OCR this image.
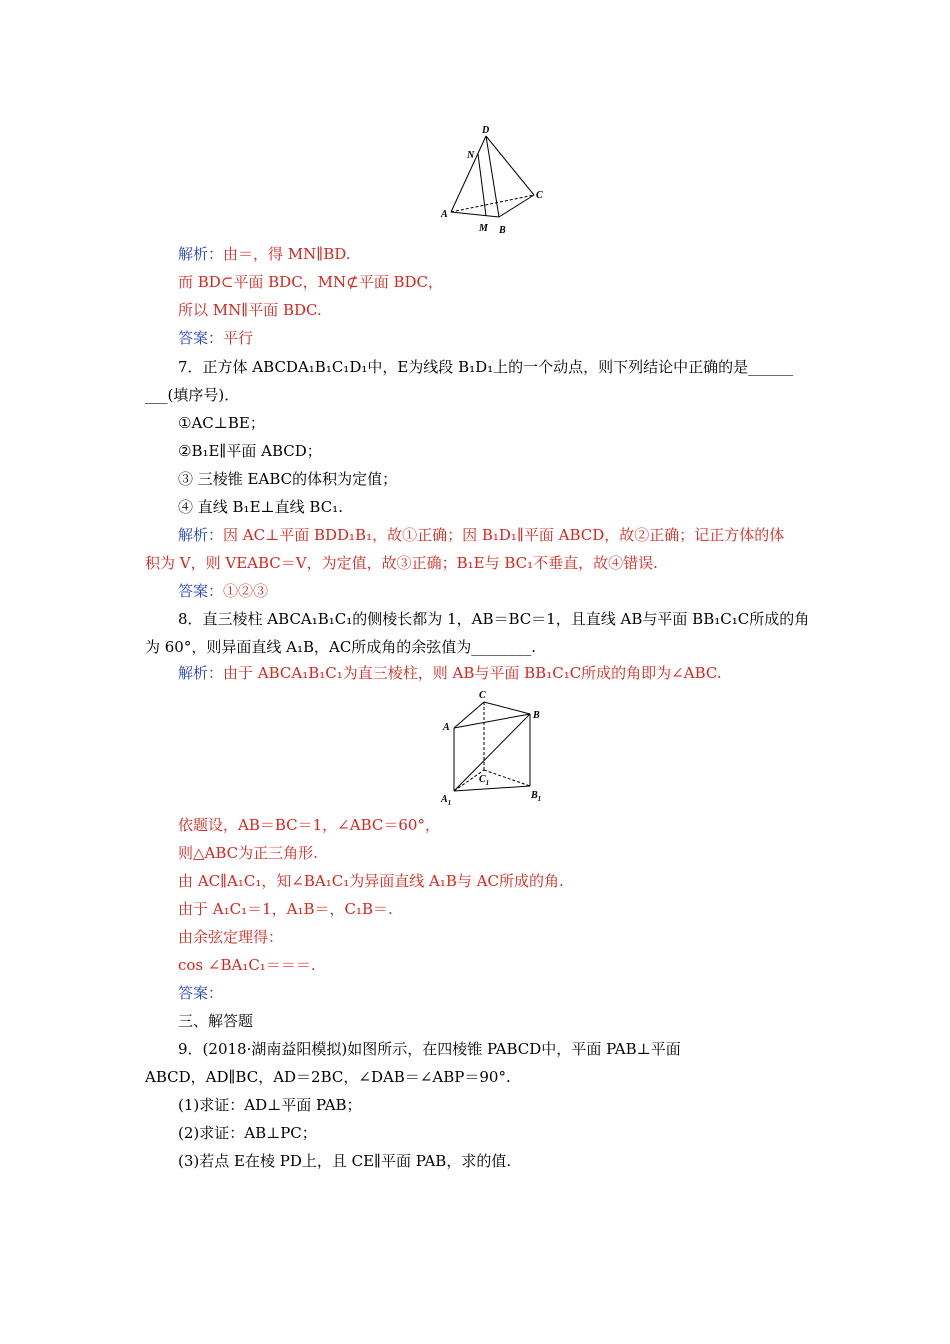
D
N
C
A
M B
解析：由＝，得 MN∥BD.
而 BD⊂平面 BDC，MN⊄平面 BDC，
所以 MN∥平面 BDC.
答案：平行
7．正方体 ABCDA₁B₁C₁D₁中，E为线段 B₁D₁上的一个动点，则下列结论中正确的是______
___(填序号)．
①AC⊥BE；
②B₁E∥平面 ABCD；
③ 三棱锥 EABC的体积为定值；
④ 直线 B₁E⊥直线 BC₁.
解析：因 AC⊥平面 BDD₁B₁，故①正确；因 B₁D₁∥平面 ABCD，故②正确；记正方体的体
积为 V，则 VEABC＝V，为定值，故③正确；B₁E与 BC₁不垂直，故④错误.
答案：①②③
8．直三棱柱 ABCA₁B₁C₁的侧棱长都为 1，AB＝BC＝1，且直线 AB与平面 BB₁C₁C所成的角
为 60°，则异面直线 A₁B，AC所成角的余弦值为________.
解析：由于 ABCA₁B₁C₁为直三棱柱，则 AB与平面 BB₁C₁C所成的角即为∠ABC.
C
A
B
$C_1$
$A_1$
$B_1$
依题设，AB＝BC＝1，∠ABC＝60°，
则△ABC为正三角形.
由 AC∥A₁C₁，知∠BA₁C₁为异面直线 A₁B与 AC所成的角.
由于 A₁C₁＝1，A₁B＝，C₁B＝.
由余弦定理得：
cos ∠BA₁C₁＝＝＝.
答案：
三、解答题
9．(2018·湖南益阳模拟)如图所示，在四棱锥 PABCD中，平面 PAB⊥平面
ABCD，AD∥BC，AD＝2BC，∠DAB＝∠ABP＝90°.
(1)求证：AD⊥平面 PAB；
(2)求证：AB⊥PC；
(3)若点 E在棱 PD上，且 CE∥平面 PAB，求的值.
